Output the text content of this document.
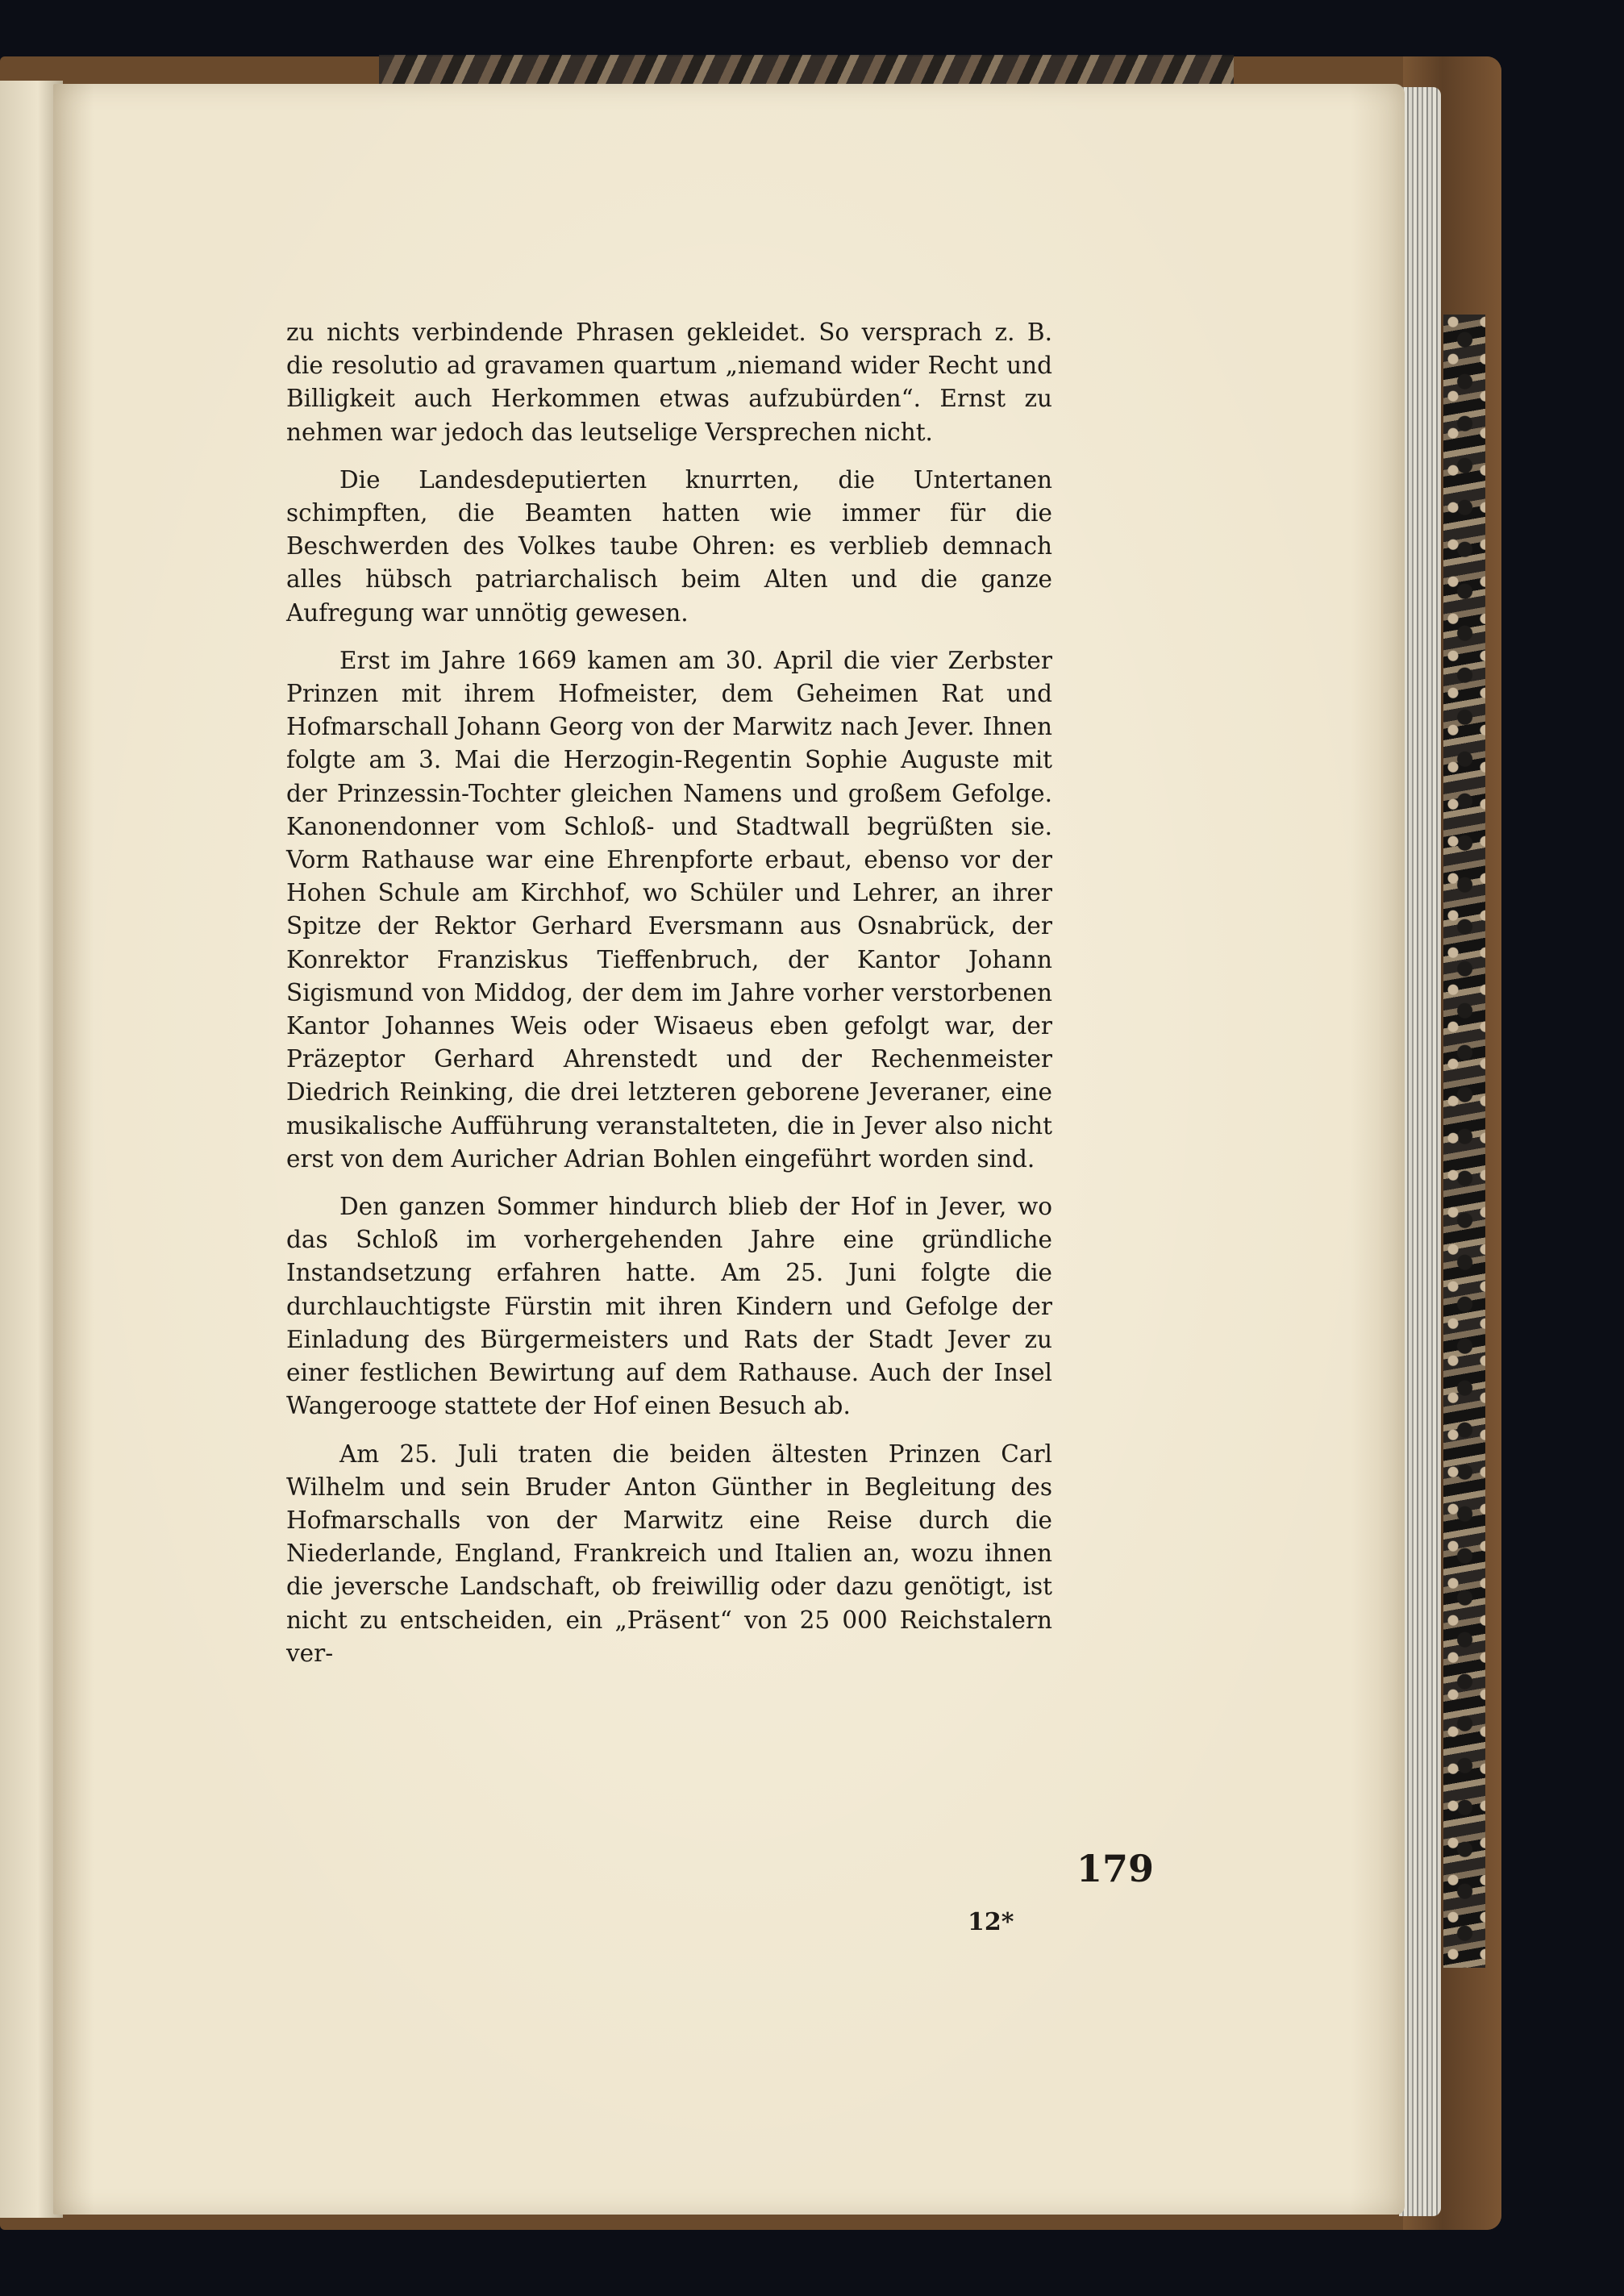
zu nichts verbindende Phrasen gekleidet. So versprach z. B. die resolutio ad gravamen quartum „niemand wider Recht und Billigkeit auch Herkommen etwas aufzubürden“. Ernst zu nehmen war jedoch das leutselige Versprechen nicht.

Die Landesdeputierten knurrten, die Untertanen schimpften, die Beamten hatten wie immer für die Beschwerden des Volkes taube Ohren: es verblieb demnach alles hübsch patriarchalisch beim Alten und die ganze Aufregung war unnötig gewesen.

Erst im Jahre 1669 kamen am 30. April die vier Zerbster Prinzen mit ihrem Hofmeister, dem Geheimen Rat und Hofmarschall Johann Georg von der Marwitz nach Jever. Ihnen folgte am 3. Mai die Herzogin-Regentin Sophie Auguste mit der Prinzessin-Tochter gleichen Namens und großem Gefolge. Kanonendonner vom Schloß- und Stadtwall begrüßten sie. Vorm Rathause war eine Ehrenpforte erbaut, ebenso vor der Hohen Schule am Kirchhof, wo Schüler und Lehrer, an ihrer Spitze der Rektor Gerhard Eversmann aus Osnabrück, der Konrektor Franziskus Tieffenbruch, der Kantor Johann Sigismund von Middog, der dem im Jahre vorher verstorbenen Kantor Johannes Weis oder Wisaeus eben gefolgt war, der Präzeptor Gerhard Ahrenstedt und der Rechenmeister Diedrich Reinking, die drei letzteren geborene Jeveraner, eine musikalische Aufführung veranstalteten, die in Jever also nicht erst von dem Auricher Adrian Bohlen eingeführt worden sind.

Den ganzen Sommer hindurch blieb der Hof in Jever, wo das Schloß im vorhergehenden Jahre eine gründliche Instandsetzung erfahren hatte. Am 25. Juni folgte die durchlauchtigste Fürstin mit ihren Kindern und Gefolge der Einladung des Bürgermeisters und Rats der Stadt Jever zu einer festlichen Bewirtung auf dem Rathause. Auch der Insel Wangerooge stattete der Hof einen Besuch ab.

Am 25. Juli traten die beiden ältesten Prinzen Carl Wilhelm und sein Bruder Anton Günther in Begleitung des Hofmarschalls von der Marwitz eine Reise durch die Niederlande, England, Frankreich und Italien an, wozu ihnen die jeversche Landschaft, ob freiwillig oder dazu genötigt, ist nicht zu entscheiden, ein „Präsent“ von 25 000 Reichstalern ver-

179
12*
